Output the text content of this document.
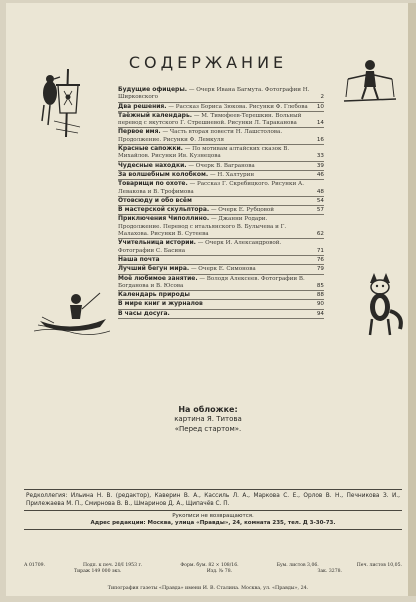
СОДЕРЖАНИЕ
Будущие офицеры. — Очерк Ивана Багмута. Фотографии Н. Ширковского	2
Два решения. — Рассказ Бориса Зюкова. Рисунки Ф. Глебова 10
Таёжный календарь. — М. Тимофеев-Терешкин. Вольный перевод с якутского Г. Стрешневой. Рисунки Л. Тараканова	14
Первое имя. — Часть вторая повести Н. Лашстолова. Продолжение. Рисунки Ф. Лемкуля	16
Красные сапожки. — По мотивам алтайских сказок В. Михайлов. Рисунки Ив. Кузнецова	33
Чудесные находки. — Очерк В. Вагранова	39
За волшебным колобком. — Н. Халтурин	46
Товарищи по охоте. — Рассказ Г. Скребицкого. Рисунки А. Левакова и В. Трофимова	48
Отовсюду и обо всём	54
В мастерской скульптора. — Очерк Е. Рубцовой	57
Приключения Чиполлино. — Джанни Родари. Продолжение. Перевод с итальянского В. Булычева и Г. Малахова. Рисунки В. Сутеева	62
Учительница истории. — Очерк И. Александровой. Фотографии С. Басина	71
Наша почта	76
Лучший бегун мира. — Очерк Е. Симонова	79
Моё любимое занятие. — Володя Алексеев. Фотографии В. Богданова и В. Юсова	85
Календарь природы	88
В мире книг и журналов	90
В часы досуга.	94
На обложке:
картина Я. Титова
«Перед стартом».
Редколлегия: Ильина Н. В. (редактор), Каверин В. А., Кассиль Л. А., Маркова С. Е., Орлов В. Н., Печникова З. И., Прилежаева М. П., Смирнова В. В., Шмаринов Д. А., Щипачёв С. П.
Рукописи не возвращаются.
Адрес редакции: Москва, улица «Правды», 24, комната 235, тел. Д 3-30-73.
А 01709.	Подп. к печ. 20/I 1953 г.	Форм. бум. 82 × 108/16.	Бум. листов 3,06.	Печ. листов 10,05.
Тираж 149 000 экз.	Изд. № 78.	Зак. 3278.
Типография газеты «Правда» имени И. В. Сталина. Москва, ул. «Правды», 24.
